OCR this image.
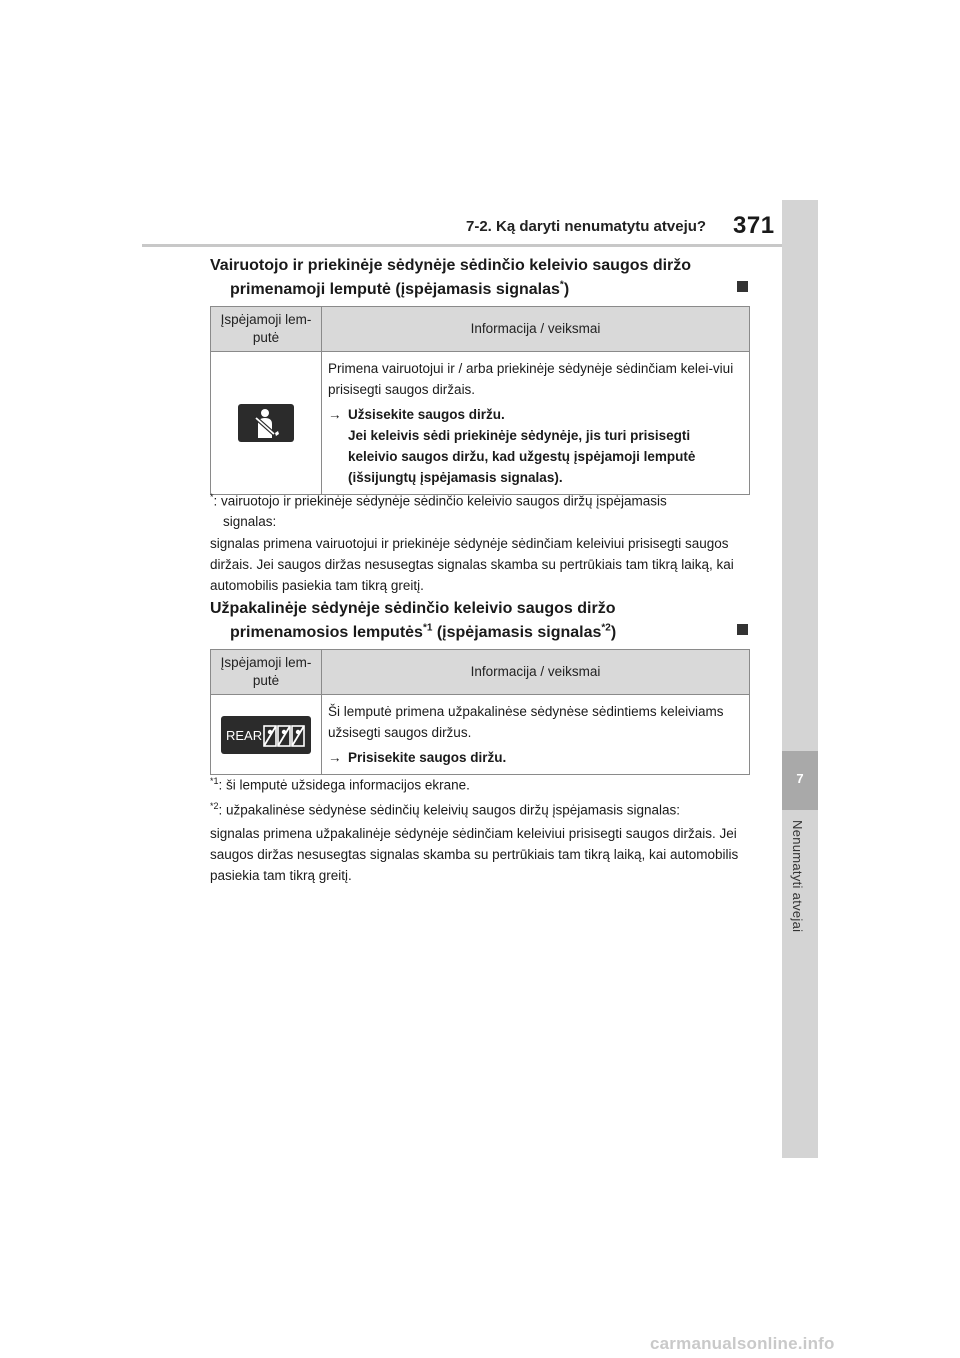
7-2. Ką daryti nenumatytu atveju? 371
7
Nenumatyti atvejai
Vairuotojo ir priekinėje sėdynėje sėdinčio keleivio saugos diržo
primenamoji lemputė (įspėjamasis signalas*)
Įspėjamoji lem-
putė	Informacija / veiksmai

Primena vairuotojui ir / arba priekinėje sėdynėje sėdinčiam kelei-viui prisisegti saugos diržais.

→ Užsisekite saugos diržu.
Jei keleivis sėdi priekinėje sėdynėje, jis turi prisisegti keleivio saugos diržu, kad užgestų įspėjamoji lemputė (išsijungtų įspėjamasis signalas).
*: vairuotojo ir priekinėje sėdynėje sėdinčio keleivio saugos diržų įspėjamasis
signalas:

signalas primena vairuotojui ir priekinėje sėdynėje sėdinčiam keleiviui prisisegti saugos diržais. Jei saugos diržas nesusegtas signalas skamba su pertrūkiais tam tikrą laiką, kai automobilis pasiekia tam tikrą greitį.

Užpakalinėje sėdynėje sėdinčio keleivio saugos diržo
primenamosios lemputės$^{*1}$ (įspėjamasis signalas$^{*2}$)
Įspėjamoji lem-
putė	Informacija / veiksmai

REAR	Ši lemputė primena užpakalinėse sėdynėse sėdintiems keleiviams užsisegti saugos diržus.

→ Prisisekite saugos diržu.
$^{*1}$: ši lemputė užsidega informacijos ekrane.
$^{*2}$: užpakalinėse sėdynėse sėdinčių keleivių saugos diržų įspėjamasis signalas:

signalas primena užpakalinėje sėdynėje sėdinčiam keleiviui prisisegti saugos diržais. Jei saugos diržas nesusegtas signalas skamba su pertrūkiais tam tikrą laiką, kai automobilis pasiekia tam tikrą greitį.

carmanualsonline.info
